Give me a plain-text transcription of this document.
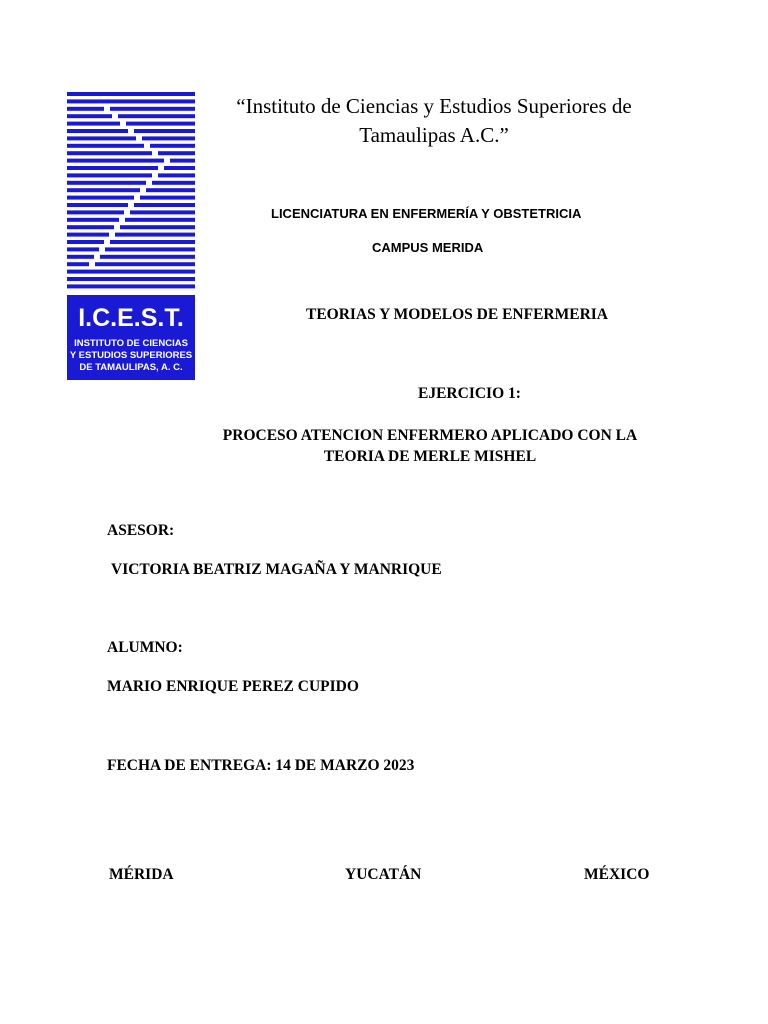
I.C.E.S.T.
INSTITUTO DE CIENCIAS
Y ESTUDIOS SUPERIORES
DE TAMAULIPAS, A. C.
“Instituto de Ciencias y Estudios Superiores de Tamaulipas A.C.”

LICENCIATURA EN ENFERMERÍA Y OBSTETRICIA

CAMPUS MERIDA

TEORIAS Y MODELOS DE ENFERMERIA

EJERCICIO 1:

PROCESO ATENCION ENFERMERO APLICADO CON LA TEORIA DE MERLE MISHEL

ASESOR:

VICTORIA BEATRIZ MAGAÑA Y MANRIQUE

ALUMNO:

MARIO ENRIQUE PEREZ CUPIDO

FECHA DE ENTREGA: 14 DE MARZO 2023

MÉRIDA	YUCATÁN	MÉXICO
